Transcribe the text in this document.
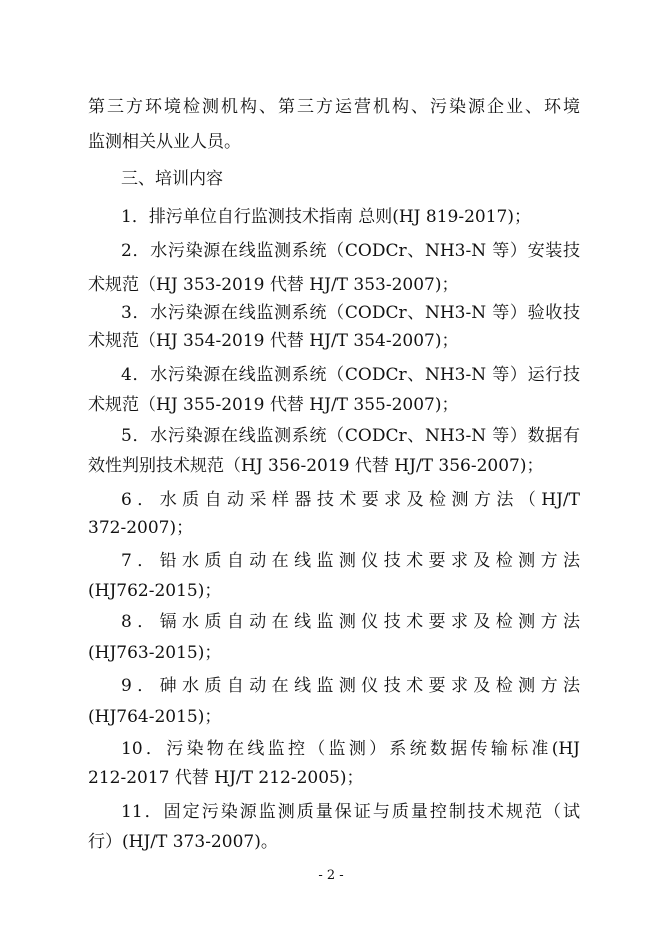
第三方环境检测机构、第三方运营机构、污染源企业、环境
监测相关从业人员。
三、培训内容
1．排污单位自行监测技术指南 总则(HJ 819-2017)；
2．水污染源在线监测系统（CODCr、NH3-N 等）安装技
术规范（HJ 353-2019 代替 HJ/T 353-2007)；
3．水污染源在线监测系统（CODCr、NH3-N 等）验收技
术规范（HJ 354-2019 代替 HJ/T 354-2007)；
4．水污染源在线监测系统（CODCr、NH3-N 等）运行技
术规范（HJ 355-2019 代替 HJ/T 355-2007)；
5．水污染源在线监测系统（CODCr、NH3-N 等）数据有
效性判别技术规范（HJ 356-2019 代替 HJ/T 356-2007)；
6．水质自动采样器技术要求及检测方法（HJ/T
372-2007)；
7．铅水质自动在线监测仪技术要求及检测方法
(HJ762-2015)；
8．镉水质自动在线监测仪技术要求及检测方法
(HJ763-2015)；
9．砷水质自动在线监测仪技术要求及检测方法
(HJ764-2015)；
10．污染物在线监控（监测）系统数据传输标准(HJ
212-2017 代替 HJ/T 212-2005)；
11．固定污染源监测质量保证与质量控制技术规范（试
行）(HJ/T 373-2007)。
- 2 -
